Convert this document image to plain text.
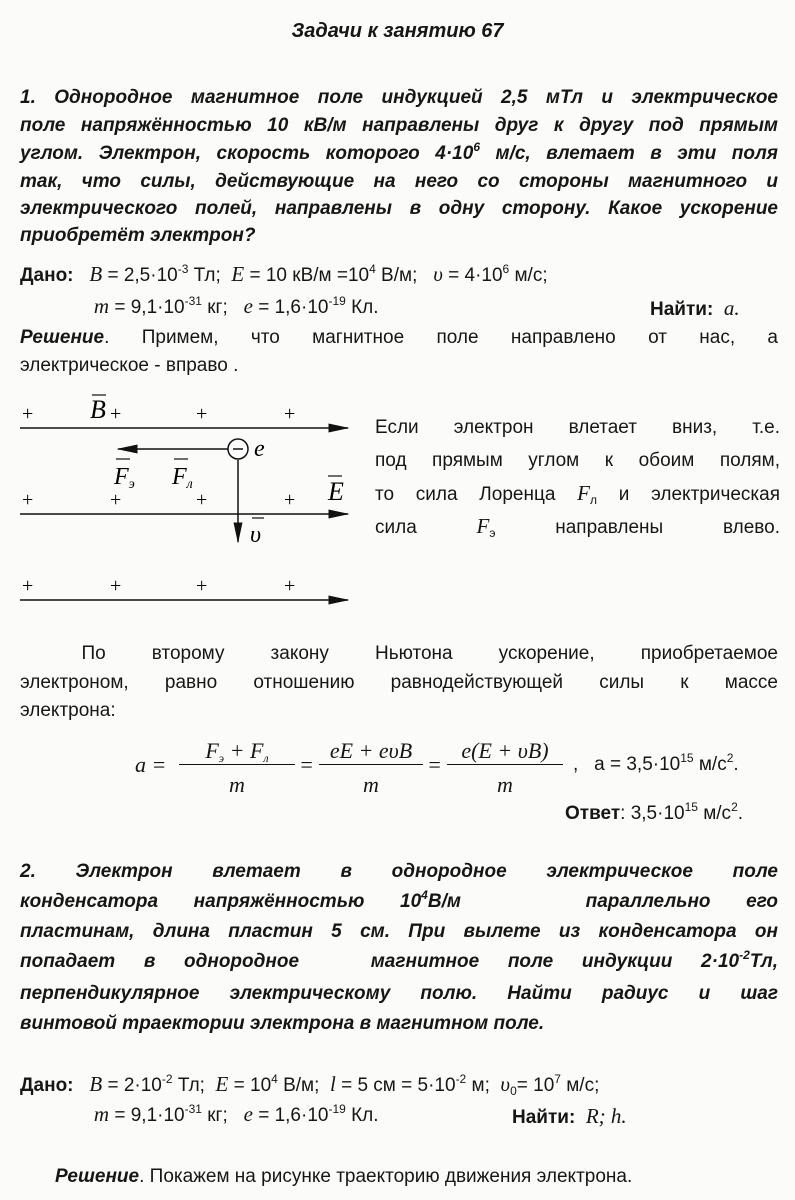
Задачи к занятию 67
1. Однородное магнитное поле индукцией 2,5 мТл и электрическое
поле напряжённостью 10 кВ/м направлены друг к другу под прямым
углом. Электрон, скорость которого $4\cdot 10^6$ м/с, влетает в эти поля
так, что силы, действующие на него со стороны магнитного и
электрического полей, направлены в одну сторону. Какое ускорение
приобретёт электрон?
Дано: $B = 2,5\cdot 10^{-3}$ Тл;  E = 10 $кВ/м =10^4$ В/м;   $\upsilon = 4\cdot 10^6$ м/с;
$m = 9,1\cdot 10^{-31}$ кг;   $e = 1,6\cdot 10^{-19}$ Кл.	Найти: a.
Решение. Примем, что магнитное поле направлено от нас, а
электрическое - вправо .
+	+	+	+
+	+	+	+
+	+	+	+
B
E
e
Fэ Fл
υ
Если электрон влетает вниз, т.е.
под прямым углом к обоим полям,
то сила Лоренца $F_л$ и электрическая
сила $F_э$ направлены влево.
По      второму      закону      Ньютона      ускорение,      приобретаемое
электроном, равно отношению равнодействующей силы к массе
электрона:
a =
$F_э + F_л$
m
=
eE + eυB
m
=
e(E + υB)
m
,   $a = 3,5\cdot 10^{15}$ $м/с^2$.
Ответ: $3,5\cdot 10^{15}$ $м/с^2$.
2.   Электрон   влетает   в   однородное   электрическое   поле
конденсатора  напряжённостью  $10^4В/м$       параллельно  его
пластинам, длина пластин 5 см. При вылете из конденсатора он
попадает  в  однородное     магнитное  поле  индукции  $2\cdot 10^{-2}Тл$,
перпендикулярное  электрическому  полю.  Найти  радиус  и  шаг
винтовой траектории электрона в магнитном поле.
Дано: $B = 2\cdot 10^{-2}$ Тл;  $E = 10^4$ В/м;  l = 5 см = $5\cdot 10^{-2}$ м;  $\upsilon_0= 10^7$ м/с;
$m = 9,1\cdot 10^{-31}$ кг;   $e = 1,6\cdot 10^{-19}$ Кл.	Найти: R; h.
Решение. Покажем на рисунке траекторию движения электрона.
